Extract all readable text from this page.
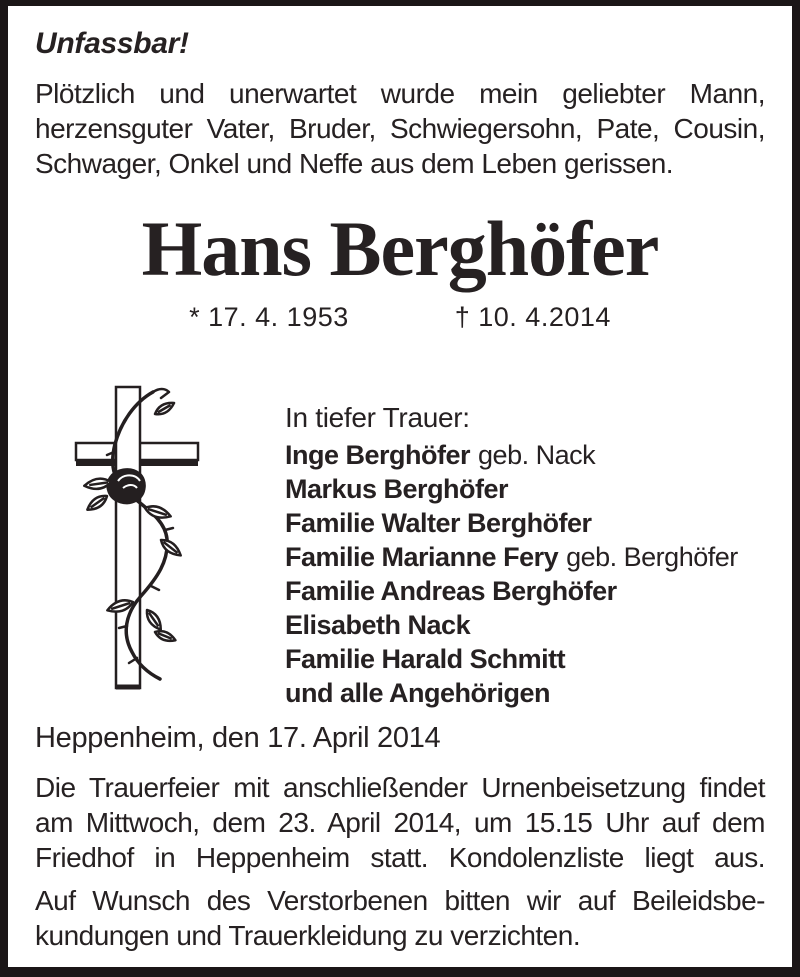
Unfassbar!
Plötzlich und unerwartet wurde mein geliebter Mann,
herzensguter Vater, Bruder, Schwiegersohn, Pate, Cousin,
Schwager, Onkel und Neffe aus dem Leben gerissen.
Hans Berghöfer
* 17. 4. 1953	† 10. 4.2014
In tiefer Trauer:
Inge Berghöfer geb. Nack
Markus Berghöfer
Familie Walter Berghöfer
Familie Marianne Fery geb. Berghöfer
Familie Andreas Berghöfer
Elisabeth Nack
Familie Harald Schmitt
und alle Angehörigen
Heppenheim, den 17. April 2014
Die Trauerfeier mit anschließender Urnenbeisetzung findet
am Mittwoch, dem 23. April 2014, um 15.15 Uhr auf dem
Friedhof in Heppenheim statt. Kondolenzliste liegt aus.
Auf Wunsch des Verstorbenen bitten wir auf Beileidsbe-
kundungen und Trauerkleidung zu verzichten.
